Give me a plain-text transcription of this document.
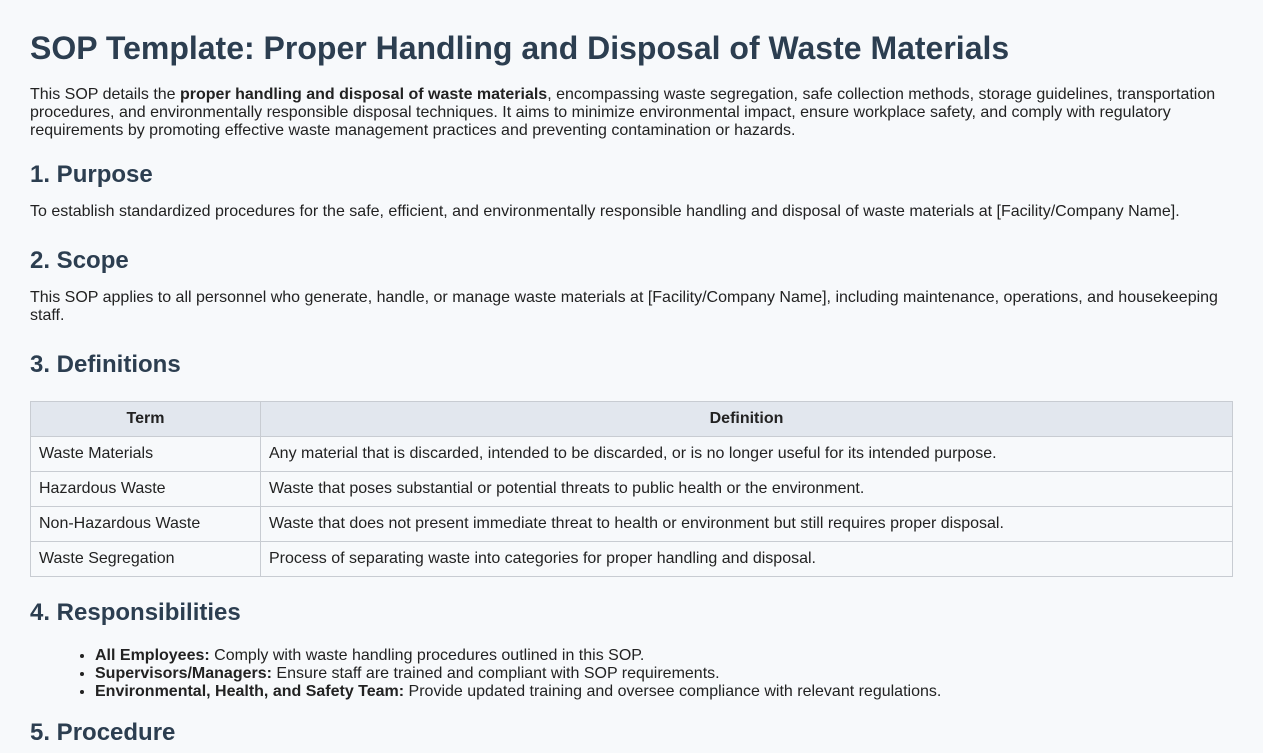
SOP Template: Proper Handling and Disposal of Waste Materials

This SOP details the proper handling and disposal of waste materials, encompassing waste segregation, safe collection methods, storage guidelines, transportation procedures, and environmentally responsible disposal techniques. It aims to minimize environmental impact, ensure workplace safety, and comply with regulatory requirements by promoting effective waste management practices and preventing contamination or hazards.

1. Purpose

To establish standardized procedures for the safe, efficient, and environmentally responsible handling and disposal of waste materials at [Facility/Company Name].

2. Scope

This SOP applies to all personnel who generate, handle, or manage waste materials at [Facility/Company Name], including maintenance, operations, and housekeeping staff.

3. Definitions
Term	Definition
Waste Materials	Any material that is discarded, intended to be discarded, or is no longer useful for its intended purpose.
Hazardous Waste	Waste that poses substantial or potential threats to public health or the environment.
Non-Hazardous Waste	Waste that does not present immediate threat to health or environment but still requires proper disposal.
Waste Segregation	Process of separating waste into categories for proper handling and disposal.
4. Responsibilities
• All Employees: Comply with waste handling procedures outlined in this SOP.
• Supervisors/Managers: Ensure staff are trained and compliant with SOP requirements.
• Environmental, Health, and Safety Team: Provide updated training and oversee compliance with relevant regulations.
5. Procedure
